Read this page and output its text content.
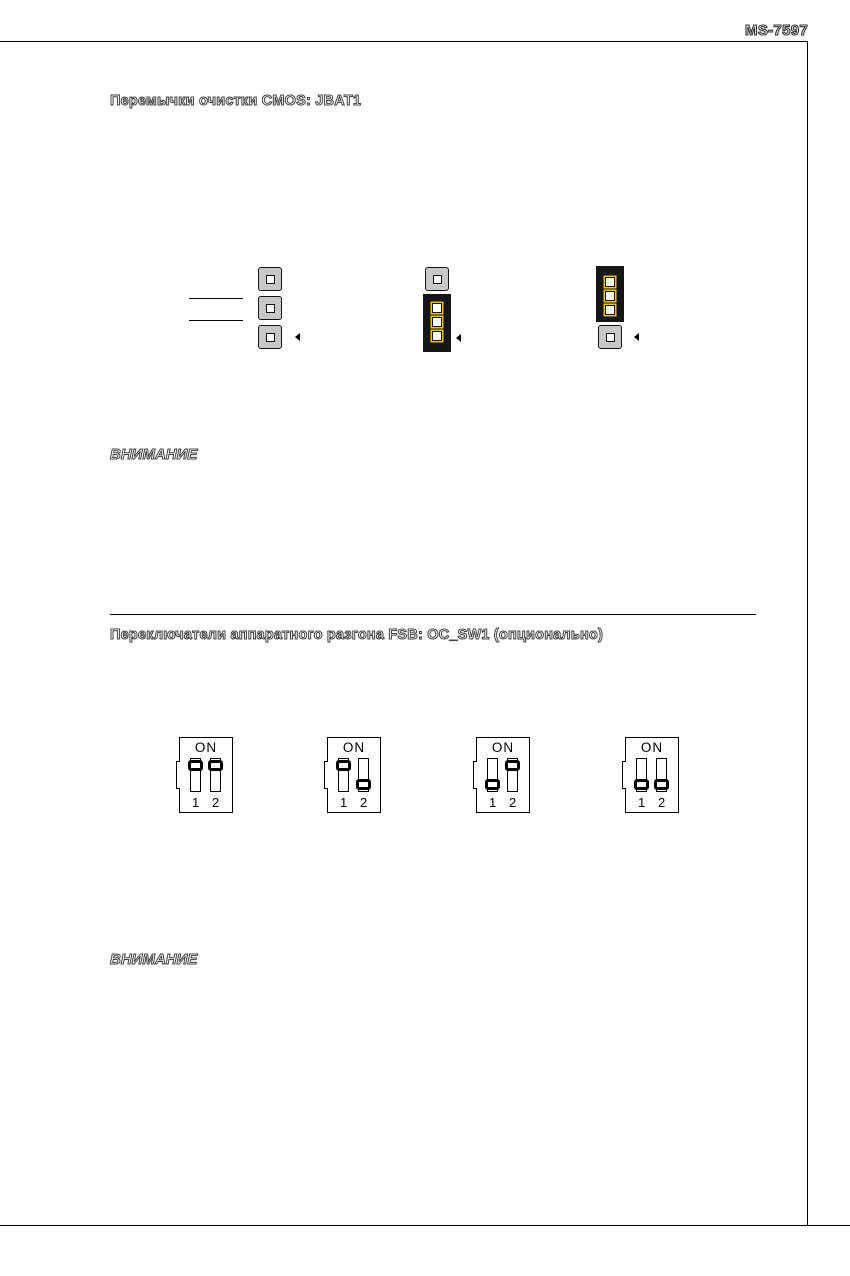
MS-7597
Перемычки очистки CMOS: JBAT1
ВНИМАНИЕ
Переключатели аппаратного разгона FSB: OC_SW1 (опционально)
ON
1 2
ON
1 2
ON
1 2
ON
1 2
ВНИМАНИЕ
